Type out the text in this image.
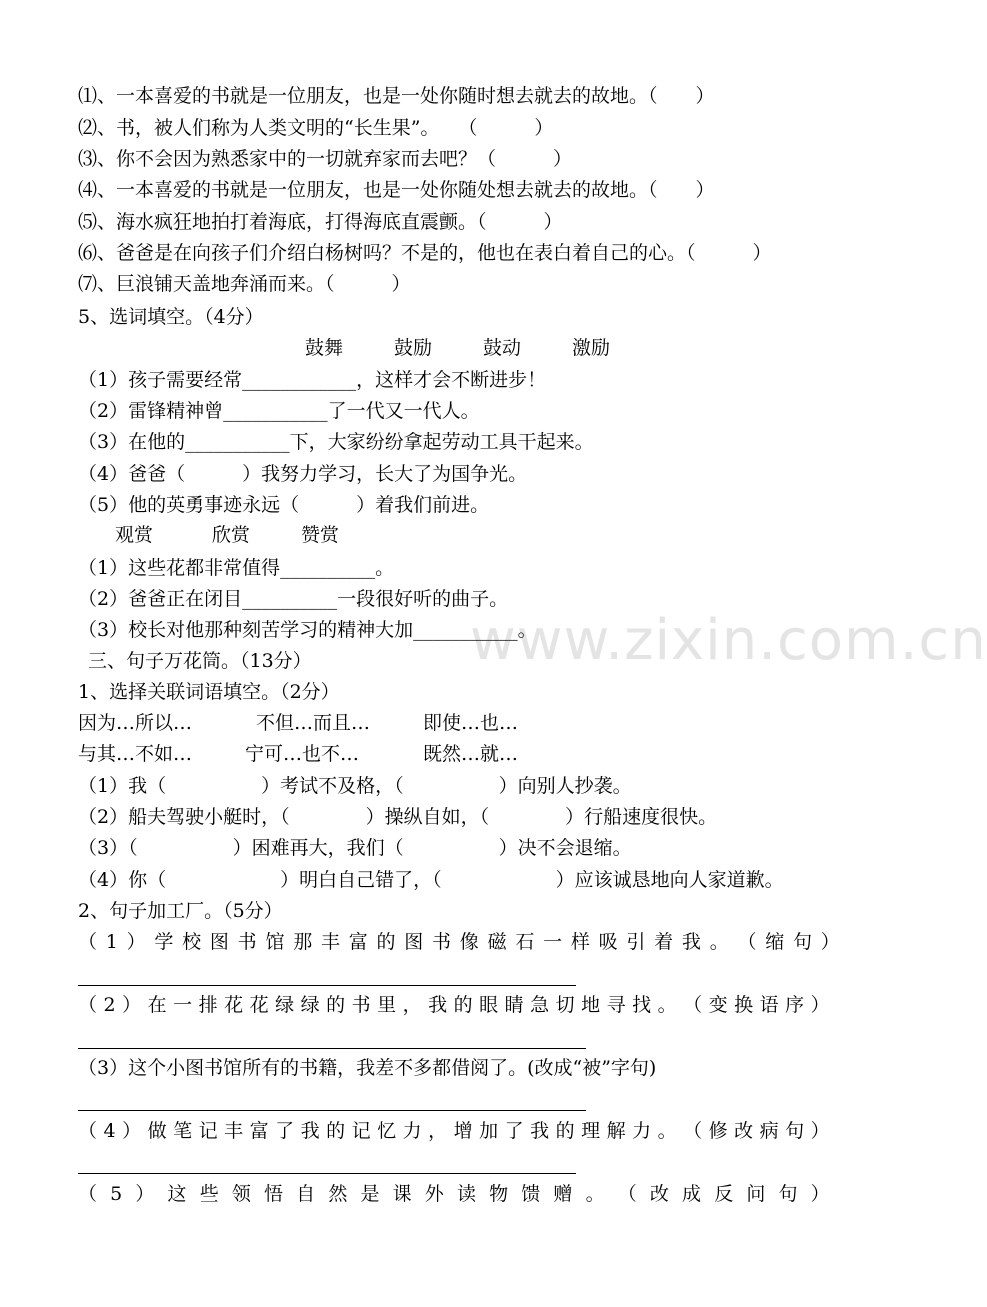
www.zixin.com.cn
⑴、一本喜爱的书就是一位朋友，也是一处你随时想去就去的故地。（　　）
⑵、书，被人们称为人类文明的“长生果”。　　（　　　）
⑶、你不会因为熟悉家中的一切就弃家而去吧？（　　　）
⑷、一本喜爱的书就是一位朋友，也是一处你随处想去就去的故地。（　　）
⑸、海水疯狂地拍打着海底，打得海底直震颤。（　　　）
⑹、爸爸是在向孩子们介绍白杨树吗？不是的，他也在表白着自己的心。（　　　）
⑺、巨浪铺天盖地奔涌而来。（　　　）
5、选词填空。（4分）
鼓舞	鼓励	鼓动	激励
（1）孩子需要经常____________，这样才会不断进步！
（2）雷锋精神曾___________了一代又一代人。
（3）在他的___________下，大家纷纷拿起劳动工具干起来。
（4）爸爸（　　　）我努力学习，长大了为国争光。
（5）他的英勇事迹永远（　　　）着我们前进。
观赏	欣赏	赞赏
（1）这些花都非常值得__________。
（2）爸爸正在闭目__________一段很好听的曲子。
（3）校长对他那种刻苦学习的精神大加___________。
三、句子万花筒。（13分）
1、选择关联词语填空。（2分）
因为…所以…	不但…而且…	即使…也…
与其…不如…	宁可…也不…	既然…就…
（1）我（　　　　　）考试不及格，（　　　　　）向别人抄袭。
（2）船夫驾驶小艇时，（　　　　）操纵自如，（　　　　）行船速度很快。
（3）（　　　　　）困难再大，我们（　　　　　）决不会退缩。
（4）你（　　　　　　）明白自己错了，（　　　　　　）应该诚恳地向人家道歉。
2、句子加工厂。（5分）
（ 1 ） 学 校 图 书 馆 那 丰 富 的 图 书 像 磁 石 一 样 吸 引 着 我 。 （ 缩 句 ）
（ 2 ） 在 一 排 花 花 绿 绿 的 书 里 ， 我 的 眼 睛 急 切 地 寻 找 。 （ 变 换 语 序 ）
（3）这个小图书馆所有的书籍，我差不多都借阅了。(改成“被”字句)
（ 4 ） 做 笔 记 丰 富 了 我 的 记 忆 力 ， 增 加 了 我 的 理 解 力 。 （ 修 改 病 句 ）
（ 5 ） 这 些 领 悟 自 然 是 课 外 读 物 馈 赠 。 （ 改 成 反 问 句 ）
